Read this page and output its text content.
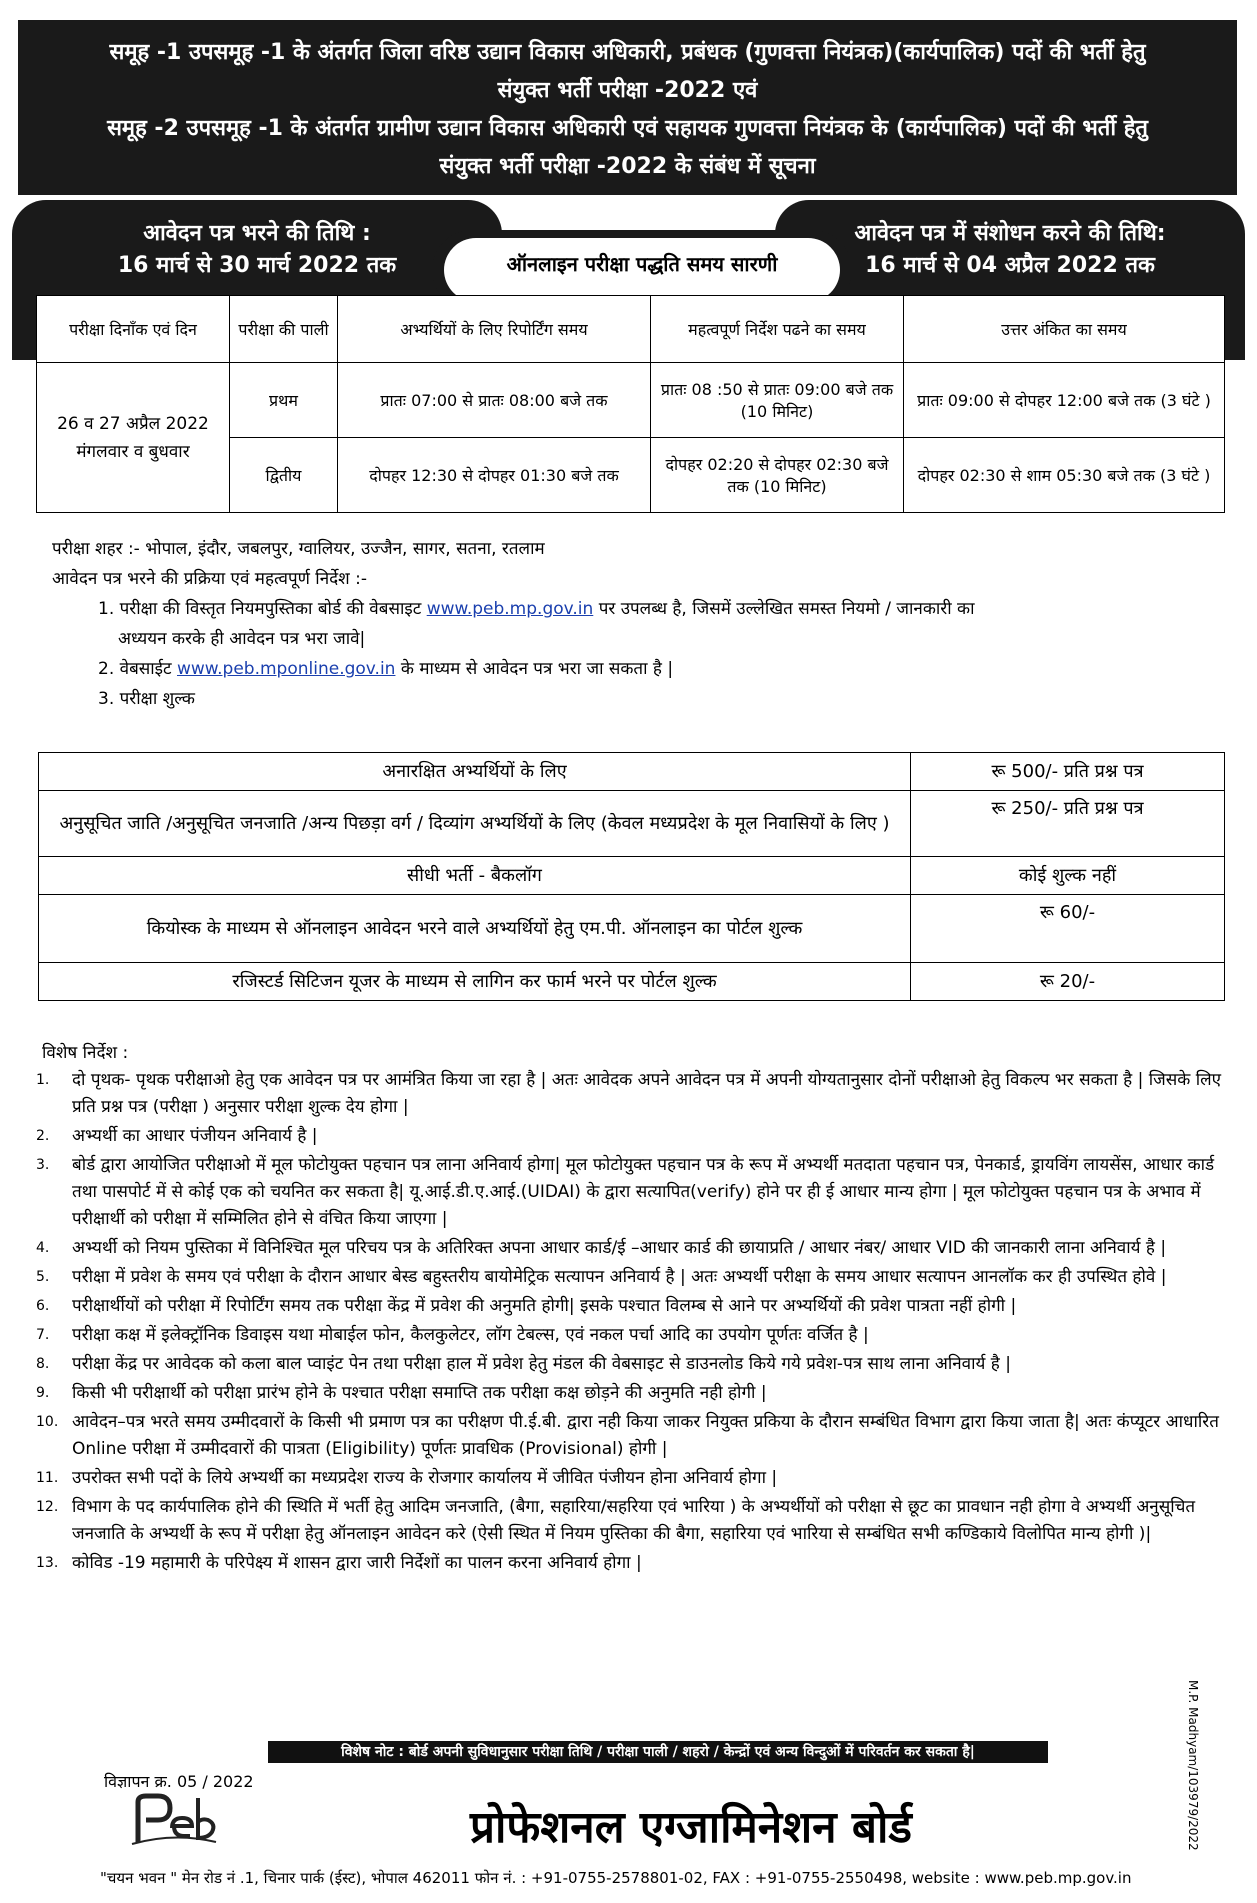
समूह -1 उपसमूह -1 के अंतर्गत जिला वरिष्ठ उद्यान विकास अधिकारी, प्रबंधक (गुणवत्ता नियंत्रक)(कार्यपालिक) पदों की भर्ती हेतु
संयुक्त भर्ती परीक्षा -2022 एवं
समूह -2 उपसमूह -1 के अंतर्गत ग्रामीण उद्यान विकास अधिकारी एवं सहायक गुणवत्ता नियंत्रक के (कार्यपालिक) पदों की भर्ती हेतु
संयुक्त भर्ती परीक्षा -2022 के संबंध में सूचना
आवेदन पत्र भरने की तिथि :
16 मार्च से 30 मार्च 2022 तक
आवेदन पत्र में संशोधन करने की तिथि:
16 मार्च से 04 अप्रैल 2022 तक
ऑनलाइन परीक्षा पद्धति समय सारणी
परीक्षा दिनाँक एवं दिन	परीक्षा की पाली	अभ्यर्थियों के लिए रिपोर्टिंग समय	महत्वपूर्ण निर्देश पढने का समय	उत्तर अंकित का समय

26 व 27 अप्रैल 2022
मंगलवार व बुधवार	प्रथम	प्रातः 07:00 से प्रातः 08:00 बजे तक	प्रातः 08 :50 से प्रातः 09:00 बजे तक (10 मिनिट)	प्रातः 09:00 से दोपहर 12:00 बजे तक (3 घंटे )
	द्वितीय	दोपहर 12:30 से दोपहर 01:30 बजे तक	दोपहर 02:20 से दोपहर 02:30 बजे तक (10 मिनिट)	दोपहर 02:30 से शाम 05:30 बजे तक (3 घंटे )
परीक्षा शहर :- भोपाल, इंदौर, जबलपुर, ग्वालियर, उज्जैन, सागर, सतना, रतलाम
आवेदन पत्र भरने की प्रक्रिया एवं महत्वपूर्ण निर्देश :-
1. परीक्षा की विस्तृत नियमपुस्तिका बोर्ड की वेबसाइट www.peb.mp.gov.in पर उपलब्ध है, जिसमें उल्लेखित समस्त नियमो / जानकारी का
अध्ययन करके ही आवेदन पत्र भरा जावे|
2. वेबसाईट www.peb.mponline.gov.in के माध्यम से आवेदन पत्र भरा जा सकता है |
3. परीक्षा शुल्क
अनारक्षित अभ्यर्थियों के लिए	रू 500/- प्रति प्रश्न पत्र
अनुसूचित जाति /अनुसूचित जनजाति /अन्य पिछड़ा वर्ग / दिव्यांग अभ्यर्थियों के लिए (केवल मध्यप्रदेश के मूल निवासियों के लिए )	रू 250/- प्रति प्रश्न पत्र
सीधी भर्ती - बैकलॉग	कोई शुल्क नहीं
कियोस्क के माध्यम से ऑनलाइन आवेदन भरने वाले अभ्यर्थियों हेतु एम.पी. ऑनलाइन का पोर्टल शुल्क	रू 60/-
रजिस्टर्ड सिटिजन यूजर के माध्यम से लागिन कर फार्म भरने पर पोर्टल शुल्क	रू 20/-
विशेष निर्देश :
1. दो पृथक- पृथक परीक्षाओ हेतु एक आवेदन पत्र पर आमंत्रित किया जा रहा है | अतः आवेदक अपने आवेदन पत्र में अपनी योग्यतानुसार दोनों परीक्षाओ हेतु विकल्प भर सकता है | जिसके लिए प्रति प्रश्न पत्र (परीक्षा ) अनुसार परीक्षा शुल्क देय होगा |
2. अभ्यर्थी का आधार पंजीयन अनिवार्य है |
3. बोर्ड द्वारा आयोजित परीक्षाओ में मूल फोटोयुक्त पहचान पत्र लाना अनिवार्य होगा| मूल फोटोयुक्त पहचान पत्र के रूप में अभ्यर्थी मतदाता पहचान पत्र, पेनकार्ड, ड्रायविंग लायसेंस, आधार कार्ड तथा पासपोर्ट में से कोई एक को चयनित कर सकता है| यू.आई.डी.ए.आई.(UIDAI) के द्वारा सत्यापित(verify) होने पर ही ई आधार मान्य होगा | मूल फोटोयुक्त पहचान पत्र के अभाव में परीक्षार्थी को परीक्षा में सम्मिलित होने से वंचित किया जाएगा |
4. अभ्यर्थी को नियम पुस्तिका में विनिश्चित मूल परिचय पत्र के अतिरिक्त अपना आधार कार्ड/ई –आधार कार्ड की छायाप्रति / आधार नंबर/ आधार VID की जानकारी लाना अनिवार्य है |
5. परीक्षा में प्रवेश के समय एवं परीक्षा के दौरान आधार बेस्ड बहुस्तरीय बायोमेट्रिक सत्यापन अनिवार्य है | अतः अभ्यर्थी परीक्षा के समय आधार सत्यापन आनलॉक कर ही उपस्थित होवे |
6. परीक्षार्थीयों को परीक्षा में रिपोर्टिंग समय तक परीक्षा केंद्र में प्रवेश की अनुमति होगी| इसके पश्चात विलम्ब से आने पर अभ्यर्थियों की प्रवेश पात्रता नहीं होगी |
7. परीक्षा कक्ष में इलेक्ट्रॉनिक डिवाइस यथा मोबाईल फोन, कैलकुलेटर, लॉग टेबल्स, एवं नकल पर्चा आदि का उपयोग पूर्णतः वर्जित है |
8. परीक्षा केंद्र पर आवेदक को कला बाल प्वाइंट पेन तथा परीक्षा हाल में प्रवेश हेतु मंडल की वेबसाइट से डाउनलोड किये गये प्रवेश-पत्र साथ लाना अनिवार्य है |
9. किसी भी परीक्षार्थी को परीक्षा प्रारंभ होने के पश्चात परीक्षा समाप्ति तक परीक्षा कक्ष छोड़ने की अनुमति नही होगी |
10. आवेदन–पत्र भरते समय उम्मीदवारों के किसी भी प्रमाण पत्र का परीक्षण पी.ई.बी. द्वारा नही किया जाकर नियुक्त प्रकिया के दौरान सम्बंधित विभाग द्वारा किया जाता है| अतः कंप्यूटर आधारित Online परीक्षा में उम्मीदवारों की पात्रता (Eligibility) पूर्णतः प्रावधिक (Provisional) होगी |
11. उपरोक्त सभी पदों के लिये अभ्यर्थी का मध्यप्रदेश राज्य के रोजगार कार्यालय में जीवित पंजीयन होना अनिवार्य होगा |
12. विभाग के पद कार्यपालिक होने की स्थिति में भर्ती हेतु आदिम जनजाति, (बैगा, सहारिया/सहरिया एवं भारिया ) के अभ्यर्थीयों को परीक्षा से छूट का प्रावधान नही होगा वे अभ्यर्थी अनुसूचित जनजाति के अभ्यर्थी के रूप में परीक्षा हेतु ऑनलाइन आवेदन करे (ऐसी स्थित में नियम पुस्तिका की बैगा, सहारिया एवं भारिया से सम्बंधित सभी कण्डिकाये विलोपित मान्य होगी )|
13. कोविड -19 महामारी के परिपेक्ष्य में शासन द्वारा जारी निर्देशों का पालन करना अनिवार्य होगा |
विशेष नोट : बोर्ड अपनी सुविधानुसार परीक्षा तिथि / परीक्षा पाली / शहरो / केन्द्रों एवं अन्य विन्दुओं में परिवर्तन कर सकता है|
विज्ञापन क्र. 05 / 2022
प्रोफेशनल एग्जामिनेशन बोर्ड
"चयन भवन " मेन रोड नं .1, चिनार पार्क (ईस्ट), भोपाल 462011 फोन नं. : +91-0755-2578801-02, FAX : +91-0755-2550498, website : www.peb.mp.gov.in
M.P. Madhyam/103979/2022
